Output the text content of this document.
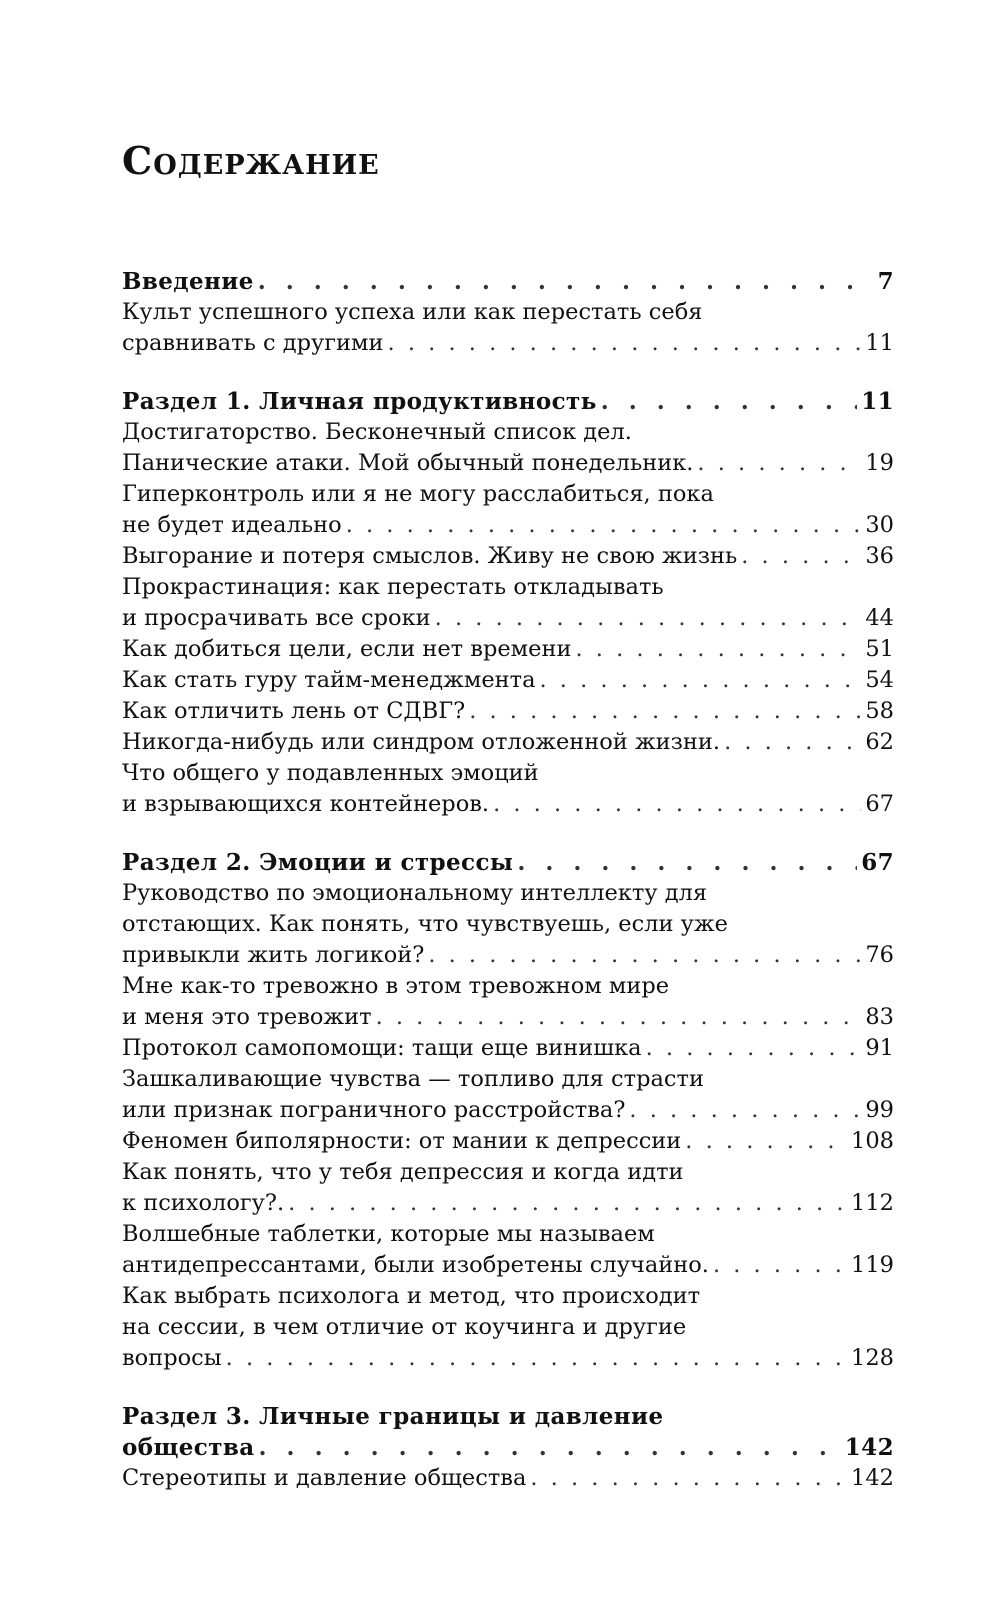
Содержание
Введение . . .	7
Культ успешного успеха или как перестать себя
сравнивать с другими . . .	11
Раздел 1. Личная продуктивность . . .	11
Достигаторство. Бесконечный список дел.
Панические атаки. Мой обычный понедельник. . . .	19
Гиперконтроль или я не могу расслабиться, пока
не будет идеально . . .	30
Выгорание и потеря смыслов. Живу не свою жизнь . . .	36
Прокрастинация: как перестать откладывать
и просрачивать все сроки . . .	44
Как добиться цели, если нет времени . . .	51
Как стать гуру тайм-менеджмента . . .	54
Как отличить лень от СДВГ? . . .	58
Никогда-нибудь или синдром отложенной жизни. . . .	62
Что общего у подавленных эмоций
и взрывающихся контейнеров. . . .	67
Раздел 2. Эмоции и стрессы . . .	67
Руководство по эмоциональному интеллекту для
отстающих. Как понять, что чувствуешь, если уже
привыкли жить логикой? . . .	76
Мне как-то тревожно в этом тревожном мире
и меня это тревожит . . .	83
Протокол самопомощи: тащи еще винишка . . .	91
Зашкаливающие чувства — топливо для страсти
или признак пограничного расстройства? . . .	99
Феномен биполярности: от мании к депрессии . . .	108
Как понять, что у тебя депрессия и когда идти
к психологу?. . . .	112
Волшебные таблетки, которые мы называем
антидепрессантами, были изобретены случайно. . . .	119
Как выбрать психолога и метод, что происходит
на сессии, в чем отличие от коучинга и другие
вопросы . . .	128
Раздел 3. Личные границы и давление
общества . . .	142
Стереотипы и давление общества . . .	142
